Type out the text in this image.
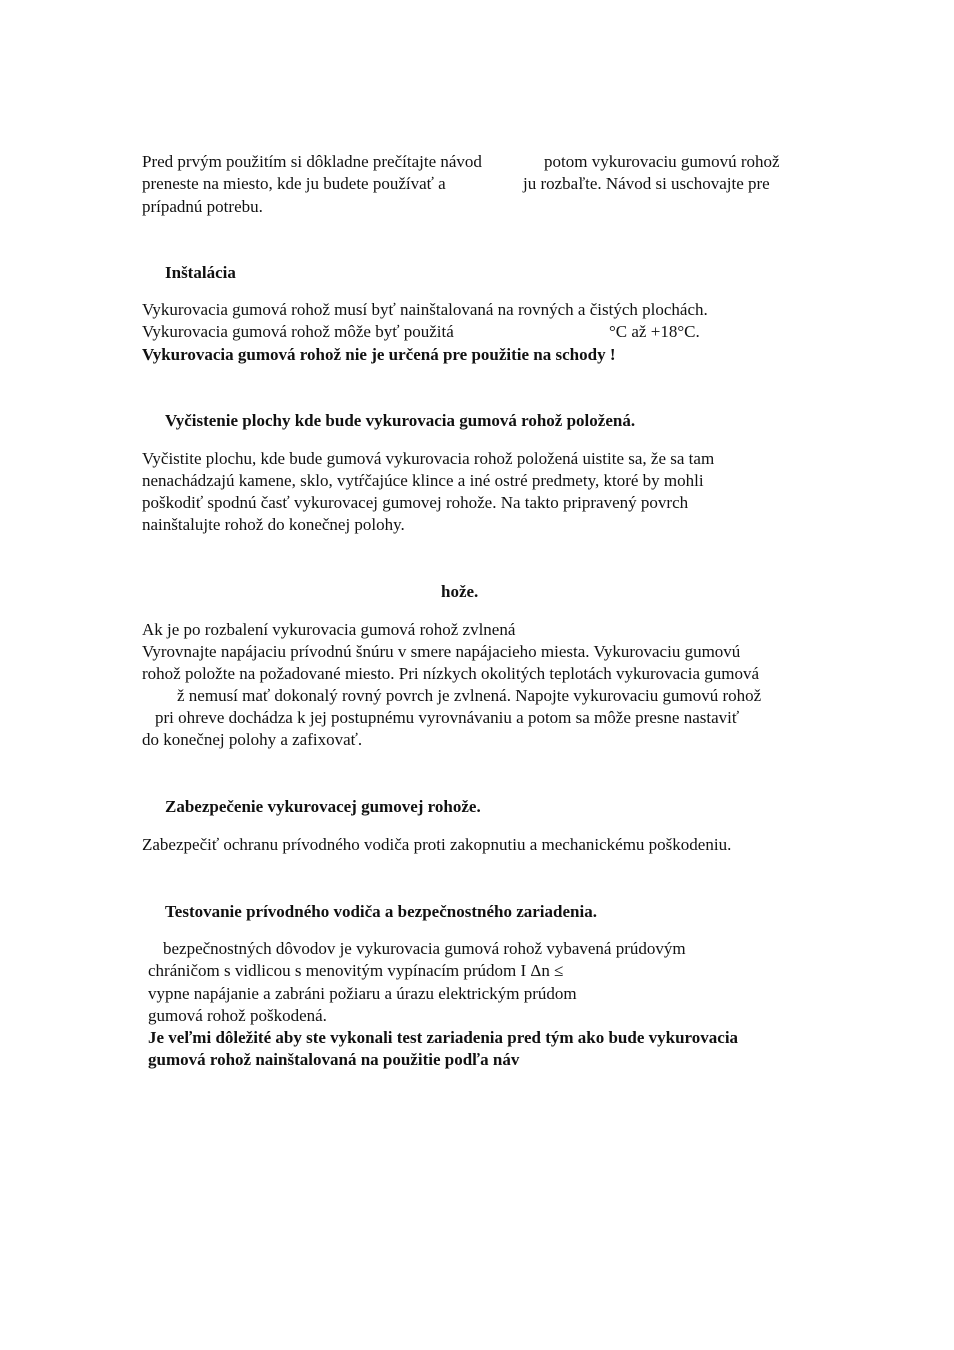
Pred prvým použitím si dôkladne prečítajte návod	potom vykurovaciu gumovú rohož
preneste na miesto, kde ju budete používať a	ju rozbaľte. Návod si uschovajte pre
prípadnú potrebu.
Inštalácia
Vykurovacia gumová rohož musí byť nainštalovaná na rovných a čistých plochách.
Vykurovacia gumová rohož môže byť použitá	°C až +18°C.
Vykurovacia gumová rohož nie je určená pre použitie na schody !
Vyčistenie plochy kde bude vykurovacia gumová rohož položená.
Vyčistite plochu, kde bude gumová vykurovacia rohož položená uistite sa, že sa tam
nenachádzajú kamene, sklo, vytŕčajúce klince a iné ostré predmety, ktoré by mohli
poškodiť spodnú časť vykurovacej gumovej rohože. Na takto pripravený povrch
nainštalujte rohož do konečnej polohy.
hože.
Ak je po rozbalení vykurovacia gumová rohož zvlnená
Vyrovnajte napájaciu prívodnú šnúru v smere napájacieho miesta. Vykurovaciu gumovú
rohož položte na požadované miesto. Pri nízkych okolitých teplotách vykurovacia gumová
ž nemusí mať dokonalý rovný povrch je zvlnená. Napojte vykurovaciu gumovú rohož
pri ohreve dochádza k jej postupnému vyrovnávaniu a potom sa môže presne nastaviť
do konečnej polohy a zafixovať.
Zabezpečenie vykurovacej gumovej rohože.
Zabezpečiť ochranu prívodného vodiča proti zakopnutiu a mechanickému poškodeniu.
Testovanie prívodného vodiča a bezpečnostného zariadenia.
bezpečnostných dôvodov je vykurovacia gumová rohož vybavená prúdovým
chráničom s vidlicou s menovitým vypínacím prúdom I Δn ≤
vypne napájanie a zabráni požiaru a úrazu elektrickým prúdom
gumová rohož poškodená.
Je veľmi dôležité aby ste vykonali test zariadenia pred tým ako bude vykurovacia
gumová rohož nainštalovaná na použitie podľa náv
